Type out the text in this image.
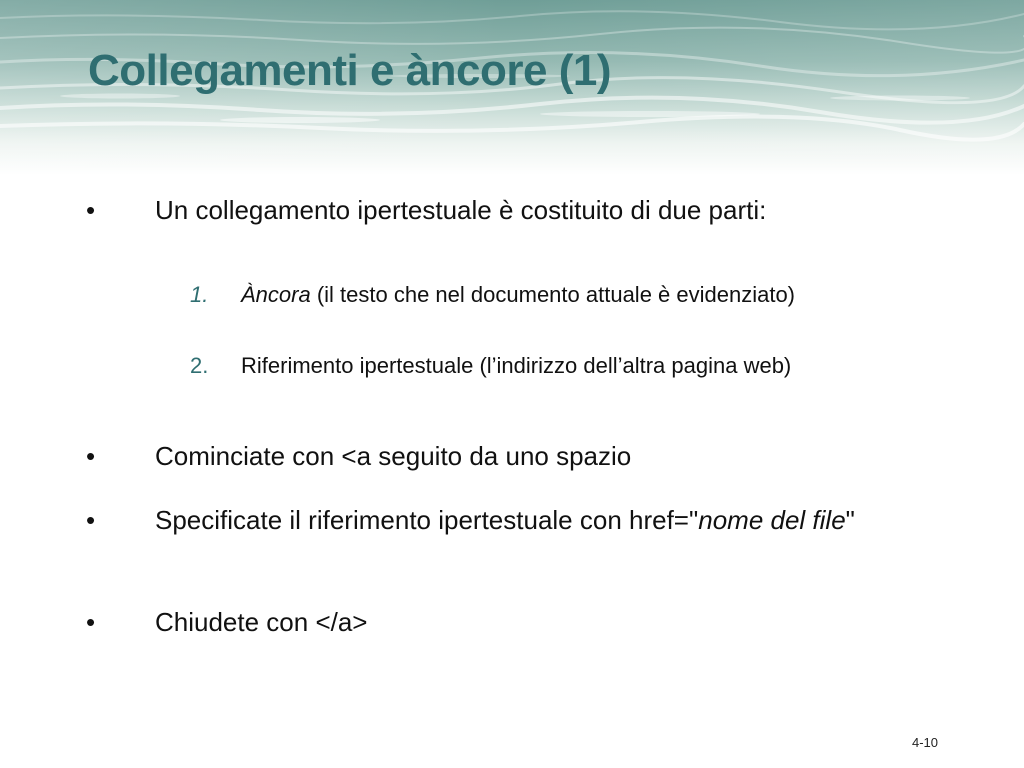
Collegamenti e àncore (1)
• Un collegamento ipertestuale è costituito di due parti:
1. Àncora (il testo che nel documento attuale è evidenziato)
2. Riferimento ipertestuale (l’indirizzo dell’altra pagina web)
• Cominciate con <a seguito da uno spazio
• Specificate il riferimento ipertestuale con href="nome del file"
• Chiudete con </a>
4-10
